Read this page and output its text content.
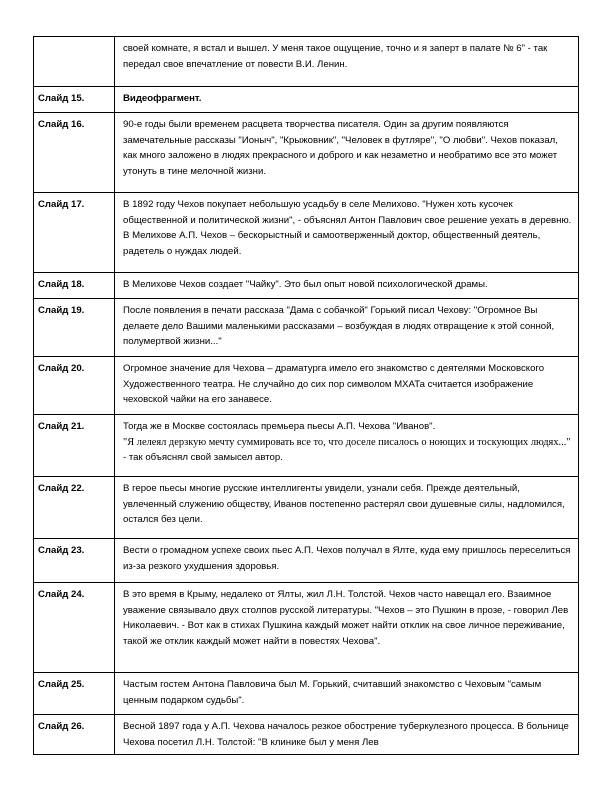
	своей комнате, я встал и вышел. У меня такое ощущение, точно и я заперт в палате № 6" - так передал свое впечатление от повести В.И. Ленин.
Слайд 15.	Видеофрагмент.
Слайд 16.	90-е годы были временем расцвета творчества писателя. Один за другим появляются замечательные рассказы "Ионыч", "Крыжовник", "Человек в футляре", "О любви". Чехов показал, как много заложено в людях прекрасного и доброго и как незаметно и необратимо все это может утонуть в тине мелочной жизни.
Слайд 17.	В 1892 году Чехов покупает небольшую усадьбу в селе Мелихово. "Нужен хоть кусочек общественной и политической жизни", - объяснял Антон Павлович свое решение уехать в деревню. В Мелихове А.П. Чехов – бескорыстный и самоотверженный доктор, общественный деятель, радетель о нуждах людей.
Слайд 18.	В Мелихове Чехов создает "Чайку". Это был опыт новой психологической драмы.
Слайд 19.	После появления в печати рассказа "Дама с собачкой" Горький писал Чехову: "Огромное Вы делаете дело Вашими маленькими рассказами – возбуждая в людях отвращение к этой сонной, полумертвой жизни..."
Слайд 20.	Огромное значение для Чехова – драматурга имело его знакомство с деятелями Московского Художественного театра. Не случайно до сих пор символом МХАТа считается изображение чеховской чайки на его занавесе.
Слайд 21.	Тогда же в Москве состоялась премьера пьесы А.П. Чехова "Иванов".
"Я лелеял дерзкую мечту суммировать все то, что доселе писалось о ноющих и тоскующих людях..." - так объяснял свой замысел автор.
Слайд 22.	В герое пьесы многие русские интеллигенты увидели, узнали себя. Прежде деятельный, увлеченный служению обществу, Иванов постепенно растерял свои душевные силы, надломился, остался без цели.
Слайд 23.	Вести о громадном успехе своих пьес А.П. Чехов получал в Ялте, куда ему пришлось переселиться из-за резкого ухудшения здоровья.
Слайд 24.	В это время в Крыму, недалеко от Ялты, жил Л.Н. Толстой. Чехов часто навещал его. Взаимное уважение связывало двух столпов русской литературы. "Чехов – это Пушкин в прозе, - говорил Лев Николаевич. - Вот как в стихах Пушкина каждый может найти отклик на свое личное переживание, такой же отклик каждый может найти в повестях Чехова".
Слайд 25.	Частым гостем Антона Павловича был М. Горький, считавший знакомство с Чеховым "самым ценным подарком судьбы".
Слайд 26.	Весной 1897 года у А.П. Чехова началось резкое обострение туберкулезного процесса. В больнице Чехова посетил Л.Н. Толстой: "В клинике был у меня Лев
